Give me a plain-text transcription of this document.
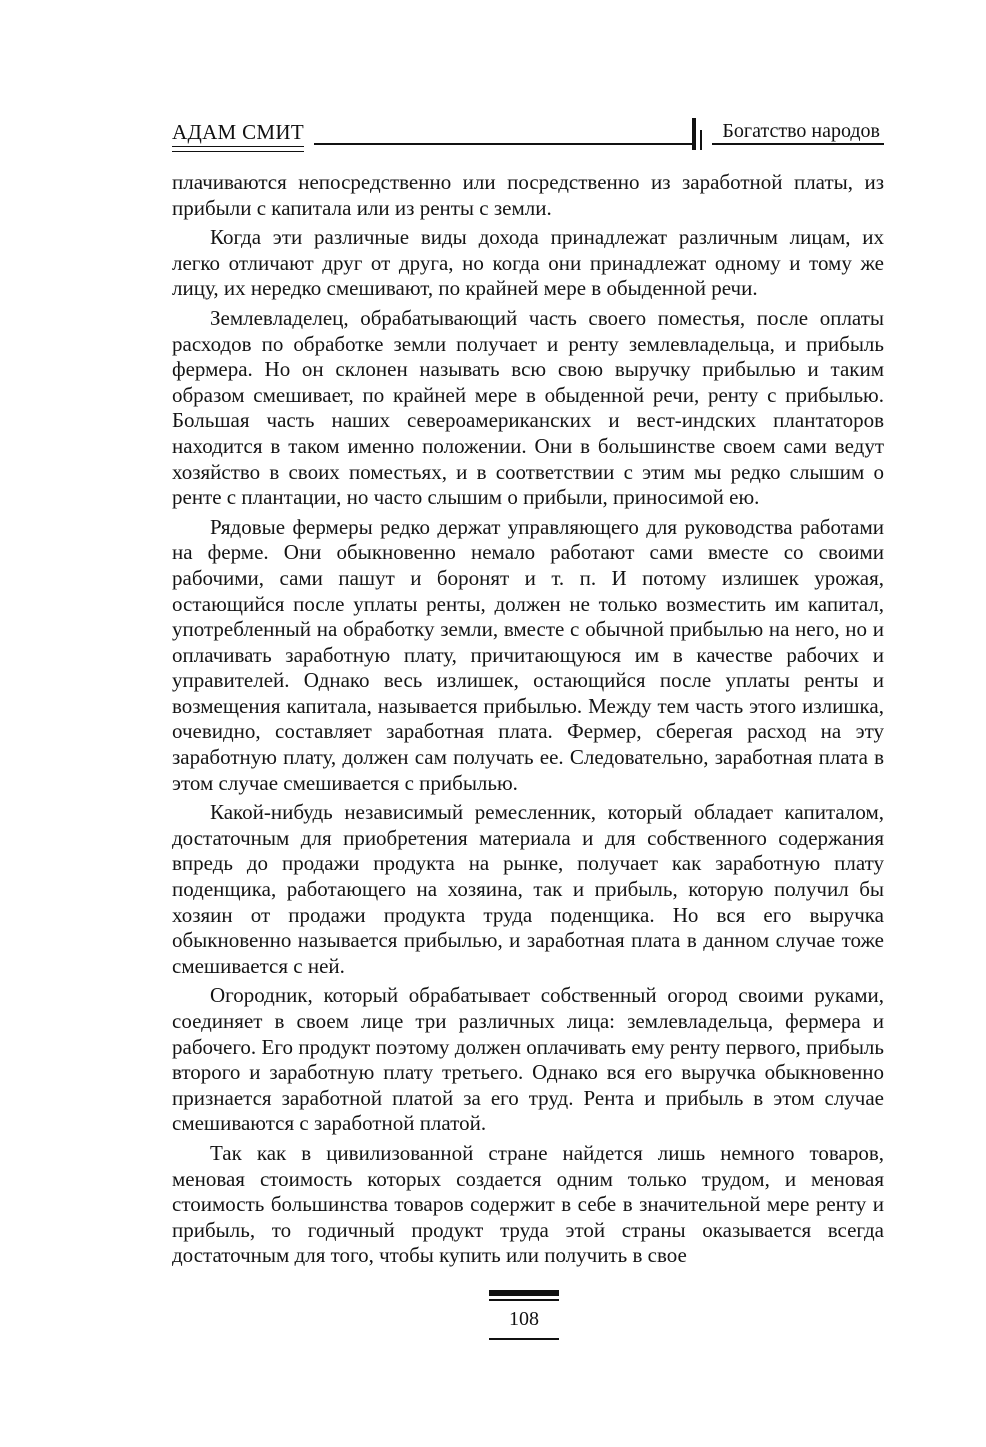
АДАМ СМИТ	Богатство народов

плачиваются непосредственно или посредственно из заработной платы, из прибыли с капитала или из ренты с земли.

Когда эти различные виды дохода принадлежат различным лицам, их легко отличают друг от друга, но когда они принадлежат одному и тому же лицу, их нередко смешивают, по крайней мере в обыденной речи.

Землевладелец, обрабатывающий часть своего поместья, после оплаты расходов по обработке земли получает и ренту землевладельца, и прибыль фермера. Но он склонен называть всю свою выручку прибылью и таким образом смешивает, по крайней мере в обыденной речи, ренту с прибылью. Большая часть наших североамериканских и вест-индских плантаторов находится в таком именно положении. Они в большинстве своем сами ведут хозяйство в своих поместьях, и в соответствии с этим мы редко слышим о ренте с плантации, но часто слышим о прибыли, приносимой ею.

Рядовые фермеры редко держат управляющего для руководства работами на ферме. Они обыкновенно немало работают сами вместе со своими рабочими, сами пашут и боронят и т. п. И потому излишек урожая, остающийся после уплаты ренты, должен не только возместить им капитал, употребленный на обработку земли, вместе с обычной прибылью на него, но и оплачивать заработную плату, причитающуюся им в качестве рабочих и управителей. Однако весь излишек, остающийся после уплаты ренты и возмещения капитала, называется прибылью. Между тем часть этого излишка, очевидно, составляет заработная плата. Фермер, сберегая расход на эту заработную плату, должен сам получать ее. Следовательно, заработная плата в этом случае смешивается с прибылью.

Какой-нибудь независимый ремесленник, который обладает капиталом, достаточным для приобретения материала и для собственного содержания впредь до продажи продукта на рынке, получает как заработную плату поденщика, работающего на хозяина, так и прибыль, которую получил бы хозяин от продажи продукта труда поденщика. Но вся его выручка обыкновенно называется прибылью, и заработная плата в данном случае тоже смешивается с ней.

Огородник, который обрабатывает собственный огород своими руками, соединяет в своем лице три различных лица: землевладельца, фермера и рабочего. Его продукт поэтому должен оплачивать ему ренту первого, прибыль второго и заработную плату третьего. Однако вся его выручка обыкновенно признается заработной платой за его труд. Рента и прибыль в этом случае смешиваются с заработной платой.

Так как в цивилизованной стране найдется лишь немного товаров, меновая стоимость которых создается одним только трудом, и меновая стоимость большинства товаров содержит в себе в значительной мере ренту и прибыль, то годичный продукт труда этой страны оказывается всегда достаточным для того, чтобы купить или получить в свое

108
